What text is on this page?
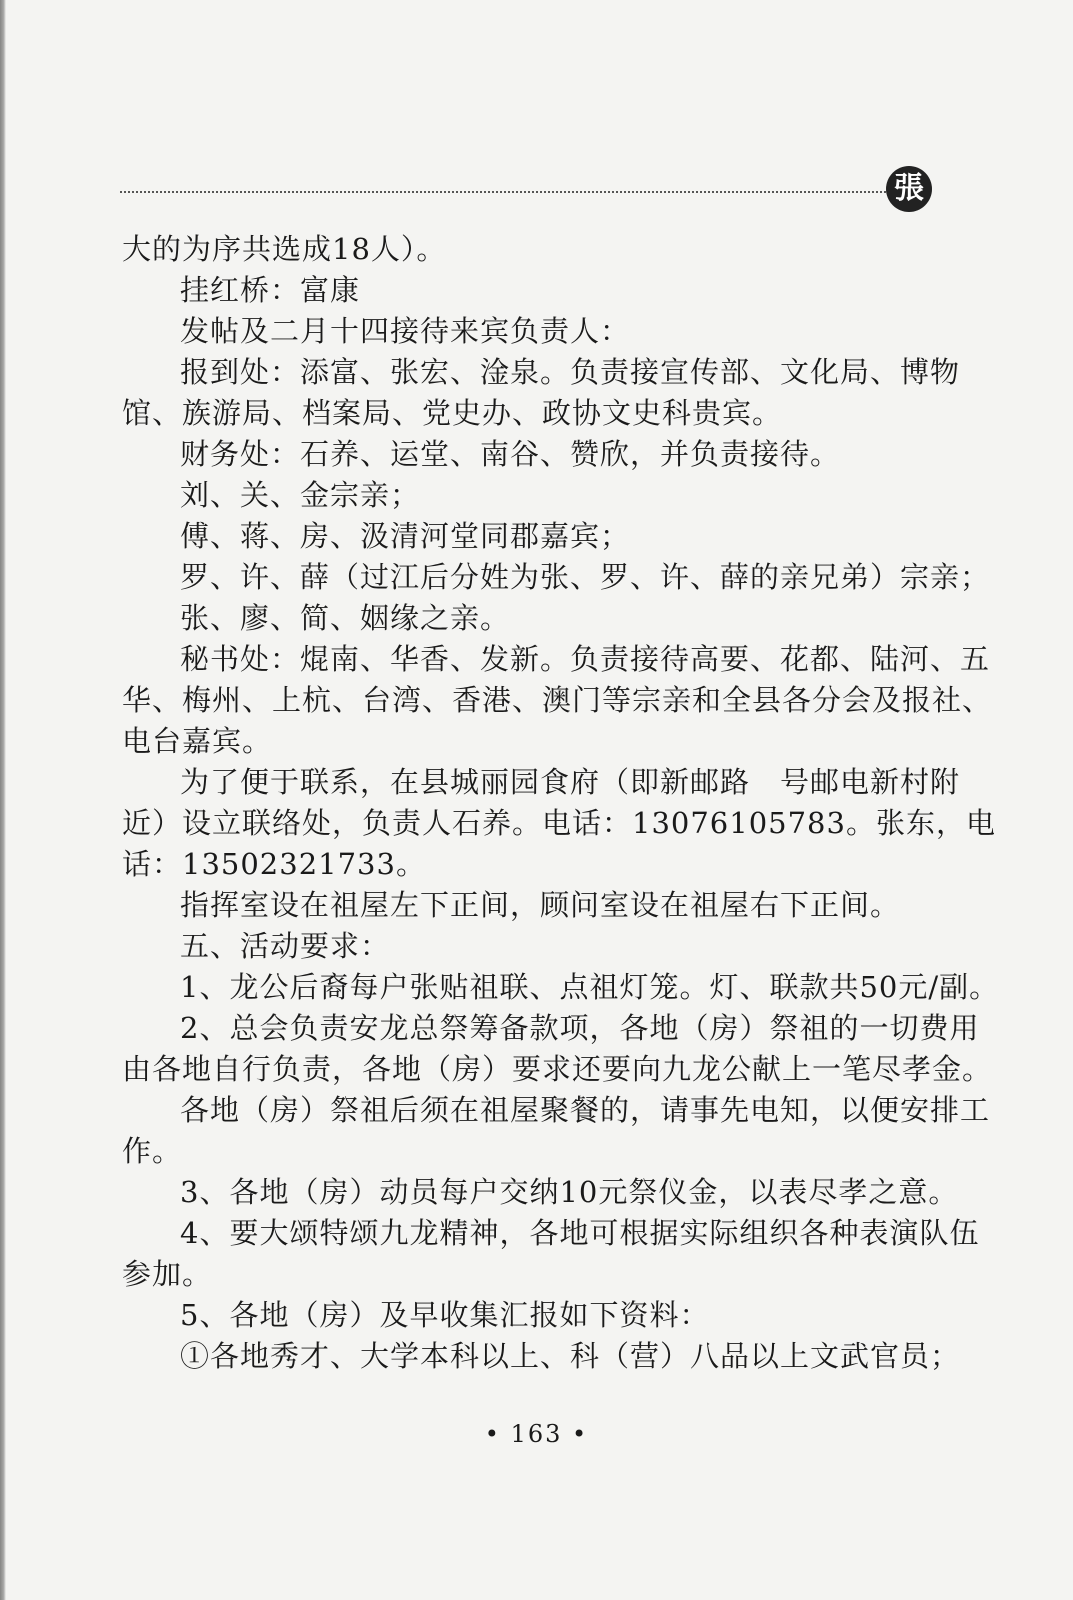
張

大的为序共选成18人）。

挂红桥：富康

发帖及二月十四接待来宾负责人：

报到处：添富、张宏、淦泉。负责接宣传部、文化局、博物

馆、族游局、档案局、党史办、政协文史科贵宾。

财务处：石养、运堂、南谷、赞欣，并负责接待。

刘、关、金宗亲；

傅、蒋、房、汲清河堂同郡嘉宾；

罗、许、薛（过江后分姓为张、罗、许、薛的亲兄弟）宗亲；

张、廖、简、姻缘之亲。

秘书处：焜南、华香、发新。负责接待高要、花都、陆河、五

华、梅州、上杭、台湾、香港、澳门等宗亲和全县各分会及报社、

电台嘉宾。

为了便于联系，在县城丽园食府（即新邮路　号邮电新村附

近）设立联络处，负责人石养。电话：13076105783。张东，电

话：13502321733。

指挥室设在祖屋左下正间，顾问室设在祖屋右下正间。

五、活动要求：

1、龙公后裔每户张贴祖联、点祖灯笼。灯、联款共50元/副。

2、总会负责安龙总祭筹备款项，各地（房）祭祖的一切费用

由各地自行负责，各地（房）要求还要向九龙公献上一笔尽孝金。

各地（房）祭祖后须在祖屋聚餐的，请事先电知，以便安排工

作。

3、各地（房）动员每户交纳10元祭仪金，以表尽孝之意。

4、要大颂特颂九龙精神，各地可根据实际组织各种表演队伍

参加。

5、各地（房）及早收集汇报如下资料：

①各地秀才、大学本科以上、科（营）八品以上文武官员；

• 163 •
